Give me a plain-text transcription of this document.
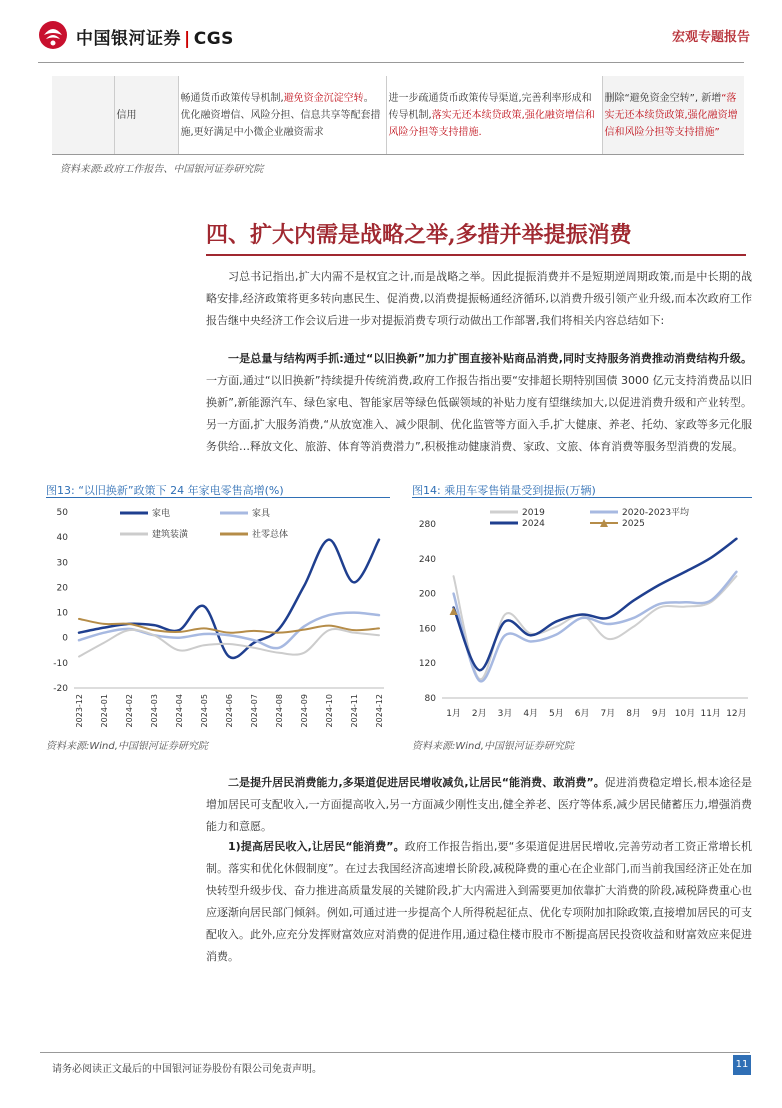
中国银河证券 | CGS	宏观专题报告
	信用	畅通货币政策传导机制,避免资金沉淀空转。优化融资增信、风险分担、信息共享等配套措施,更好满足中小微企业融资需求	进一步疏通货币政策传导渠道,完善利率形成和传导机制,落实无还本续贷政策,强化融资增信和风险分担等支持措施.	删除“避免资金空转”, 新增“落实无还本续贷政策,强化融资增信和风险分担等支持措施”
资料来源:政府工作报告、中国银河证券研究院
四、扩大内需是战略之举,多措并举提振消费
习总书记指出,扩大内需不是权宜之计,而是战略之举。因此提振消费并不是短期逆周期政策,而是中长期的战略安排,经济政策将更多转向惠民生、促消费,以消费提振畅通经济循环,以消费升级引领产业升级,而本次政府工作报告继中央经济工作会议后进一步对提振消费专项行动做出工作部署,我们将相关内容总结如下:
一是总量与结构两手抓:通过“以旧换新”加力扩围直接补贴商品消费,同时支持服务消费推动消费结构升级。一方面,通过“以旧换新”持续提升传统消费,政府工作报告指出要“安排超长期特别国债 3000 亿元支持消费品以旧换新”,新能源汽车、绿色家电、智能家居等绿色低碳领域的补贴力度有望继续加大,以促进消费升级和产业转型。另一方面,扩大服务消费,“从放宽准入、减少限制、优化监管等方面入手,扩大健康、养老、托幼、家政等多元化服务供给…释放文化、旅游、体育等消费潜力”,积极推动健康消费、家政、文旅、体育消费等服务型消费的发展。
图13: “以旧换新”政策下 24 年家电零售高增(%)	图14: 乘用车零售销量受到提振(万辆)
-20
-10
0
10
20
30
40
50
2023-12 2024-01 2024-02 2024-03 2024-04 2024-05 2024-06 2024-07 2024-08 2024-09 2024-10 2024-11 2024-12
家电	家具
建筑装潢	社零总体
80
120
160
200
240
280
1月 2月 3月 4月 5月 6月 7月 8月 9月 10月 11月 12月
2019	2020-2023平均
2024	2025
资料来源:Wind,中国银河证券研究院	资料来源:Wind,中国银河证券研究院
二是提升居民消费能力,多渠道促进居民增收减负,让居民“能消费、敢消费”。促进消费稳定增长,根本途径是增加居民可支配收入,一方面提高收入,另一方面减少刚性支出,健全养老、医疗等体系,减少居民储蓄压力,增强消费能力和意愿。
1)提高居民收入,让居民“能消费”。政府工作报告指出,要“多渠道促进居民增收,完善劳动者工资正常增长机制。落实和优化休假制度”。在过去我国经济高速增长阶段,减税降费的重心在企业部门,而当前我国经济正处在加快转型升级步伐、奋力推进高质量发展的关键阶段,扩大内需进入到需要更加依靠扩大消费的阶段,减税降费重心也应逐渐向居民部门倾斜。例如,可通过进一步提高个人所得税起征点、优化专项附加扣除政策,直接增加居民的可支配收入。此外,应充分发挥财富效应对消费的促进作用,通过稳住楼市股市不断提高居民投资收益和财富效应来促进消费。
请务必阅读正文最后的中国银河证券股份有限公司免责声明。	11
